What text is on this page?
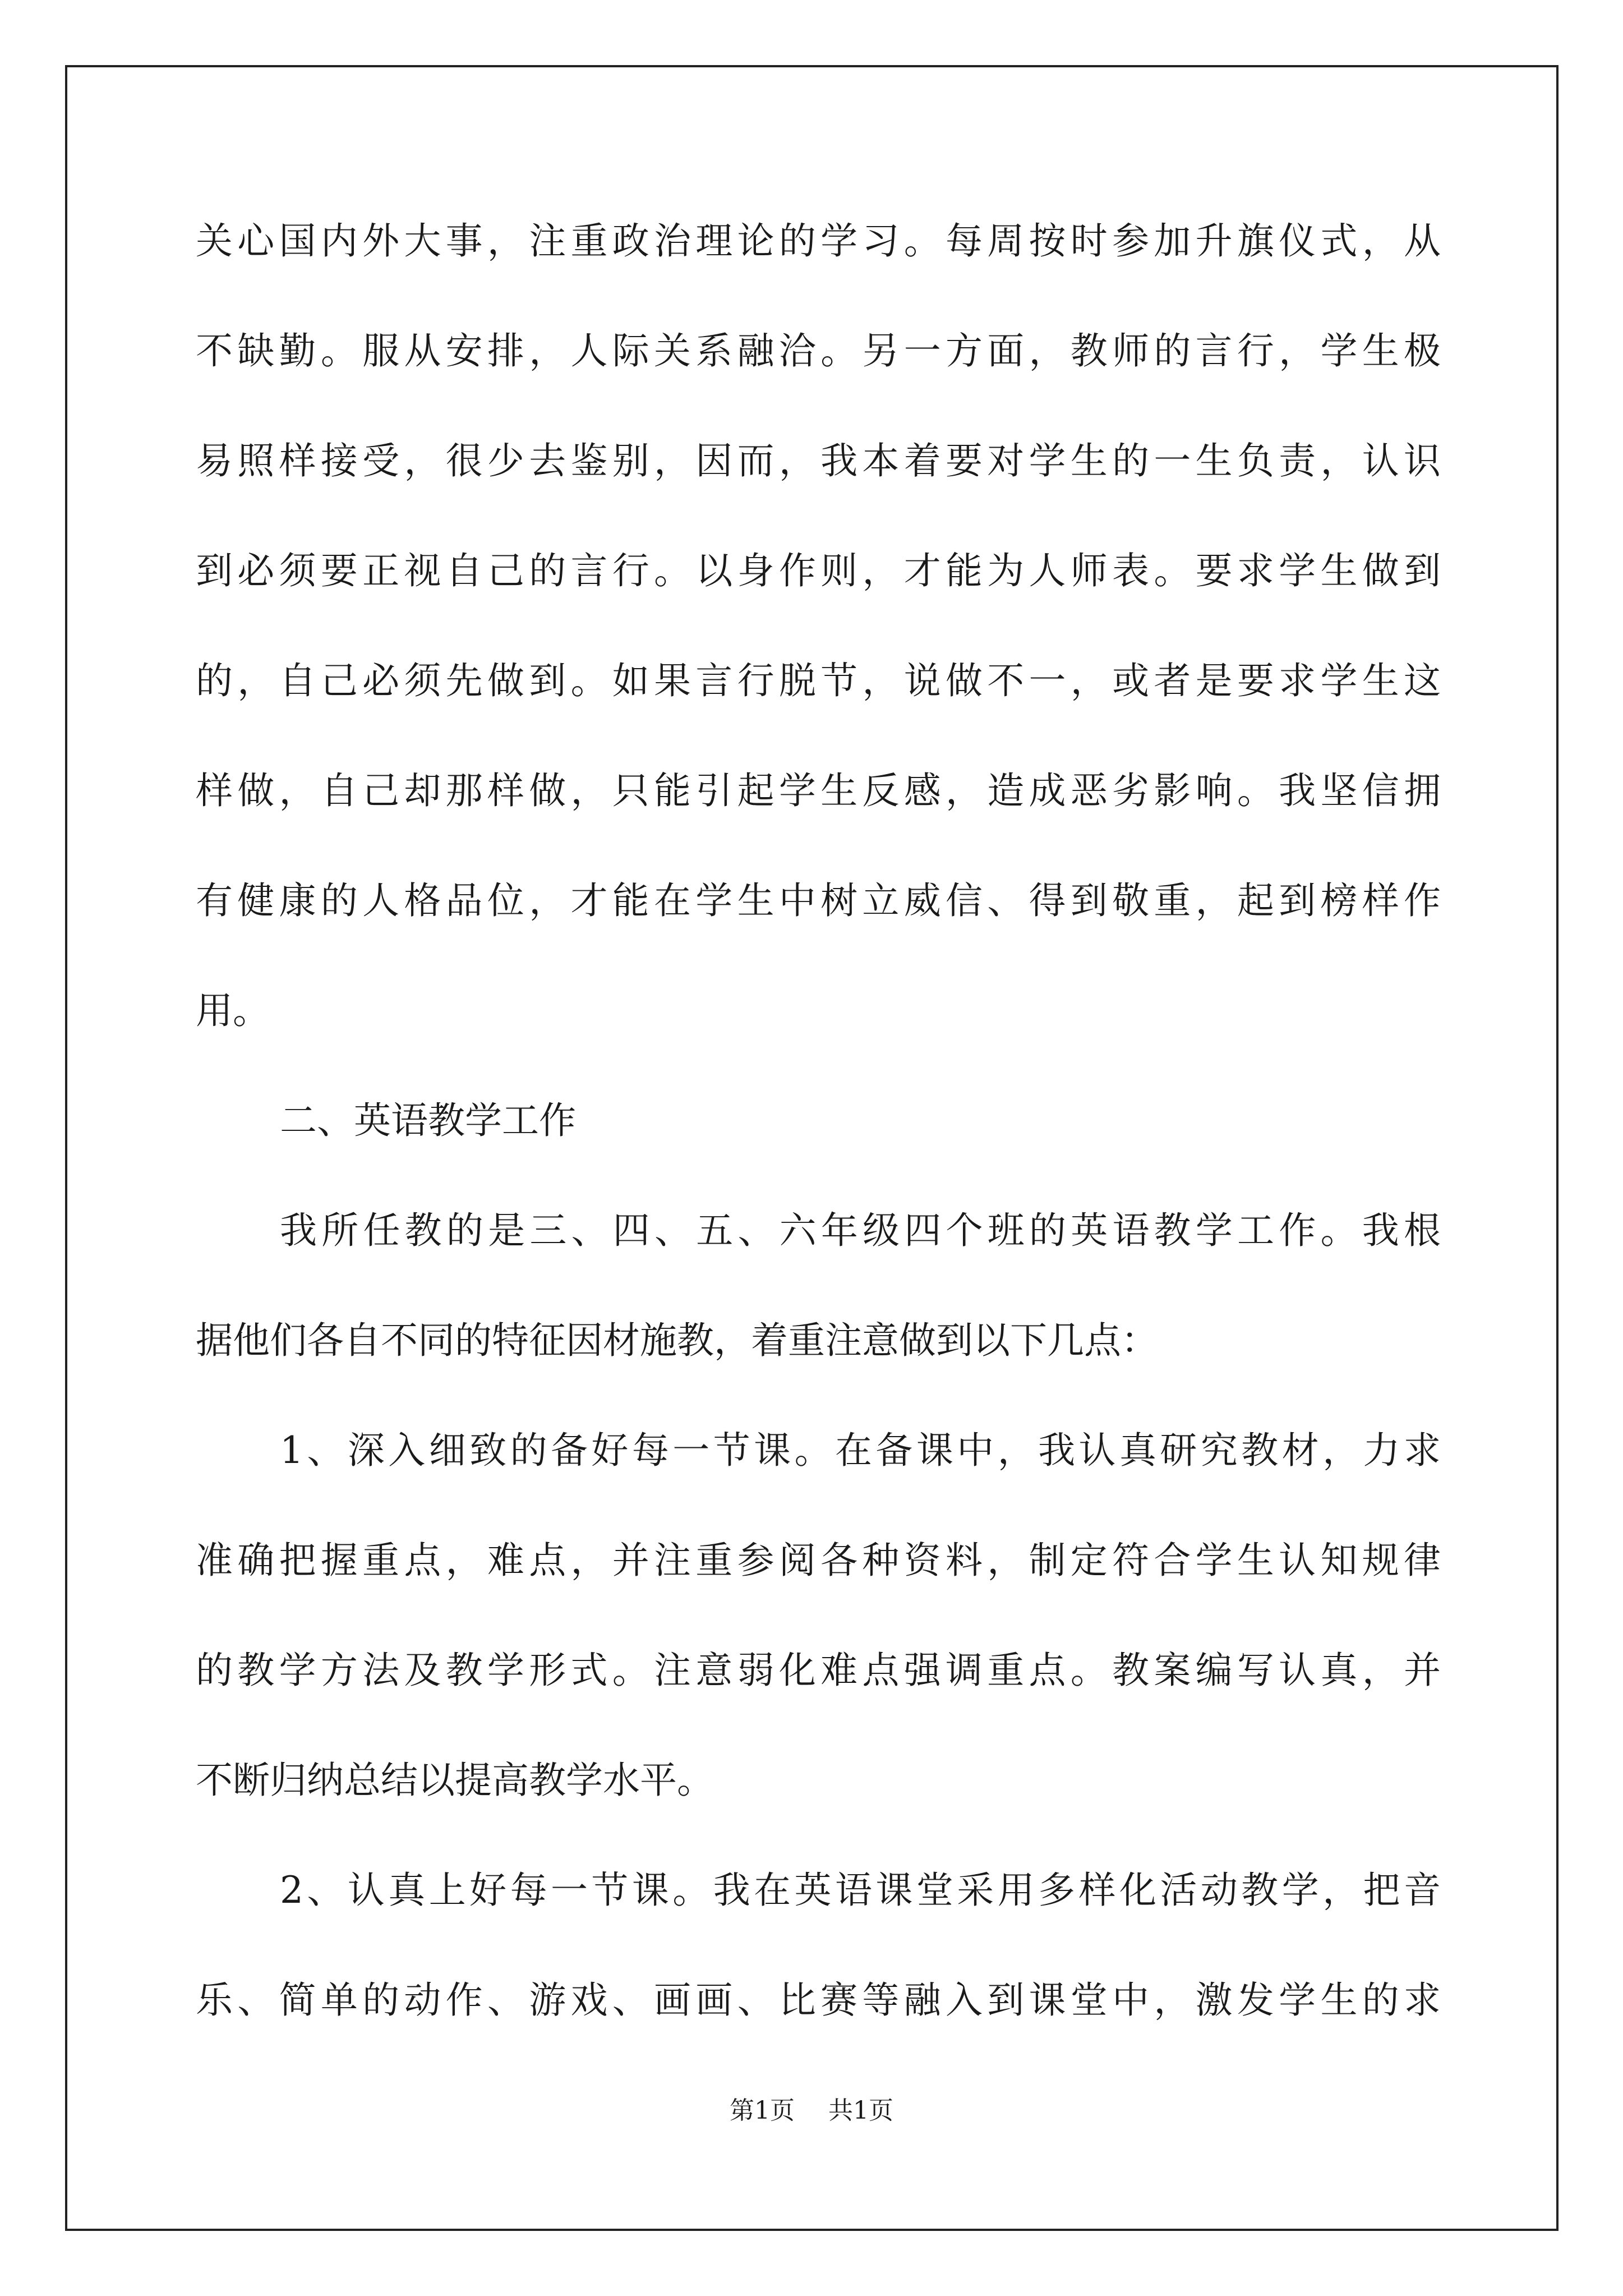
关心国内外大事，注重政治理论的学习。每周按时参加升旗仪式，从
不缺勤。服从安排，人际关系融洽。另一方面，教师的言行，学生极
易照样接受，很少去鉴别，因而，我本着要对学生的一生负责，认识
到必须要正视自己的言行。以身作则，才能为人师表。要求学生做到
的，自己必须先做到。如果言行脱节，说做不一，或者是要求学生这
样做，自己却那样做，只能引起学生反感，造成恶劣影响。我坚信拥
有健康的人格品位，才能在学生中树立威信、得到敬重，起到榜样作
用。
二、英语教学工作
我所任教的是三、四、五、六年级四个班的英语教学工作。我根
据他们各自不同的特征因材施教，着重注意做到以下几点：
1、深入细致的备好每一节课。在备课中，我认真研究教材，力求
准确把握重点，难点，并注重参阅各种资料，制定符合学生认知规律
的教学方法及教学形式。注意弱化难点强调重点。教案编写认真，并
不断归纳总结以提高教学水平。
2、认真上好每一节课。我在英语课堂采用多样化活动教学，把音
乐、简单的动作、游戏、画画、比赛等融入到课堂中，激发学生的求
第1页 共1页
